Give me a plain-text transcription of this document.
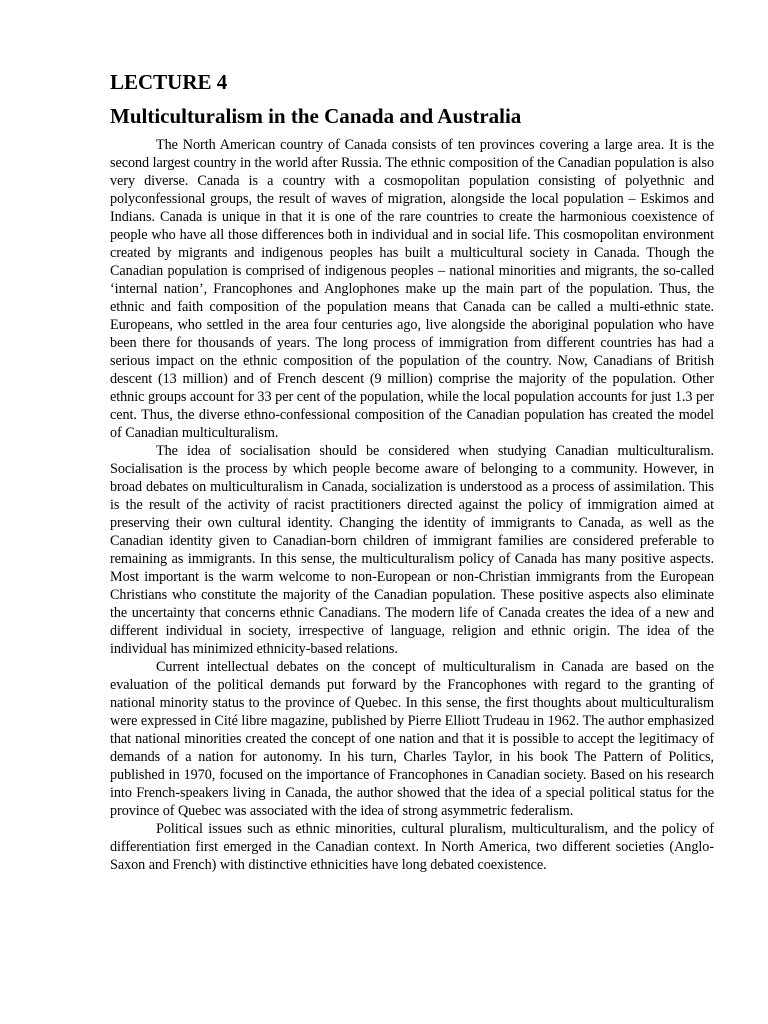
LECTURE 4
Multiculturalism in the Canada and Australia

The North American country of Canada consists of ten provinces covering a large area. It is the second largest country in the world after Russia. The ethnic composition of the Canadian population is also very diverse. Canada is a country with a cosmopolitan population consisting of polyethnic and polyconfessional groups, the result of waves of migration, alongside the local population – Eskimos and Indians. Canada is unique in that it is one of the rare countries to create the harmonious coexistence of people who have all those differences both in individual and in social life. This cosmopolitan environment created by migrants and indigenous peoples has built a multicultural society in Canada. Though the Canadian population is comprised of indigenous peoples – national minorities and migrants, the so-called ‘internal nation’, Francophones and Anglophones make up the main part of the population. Thus, the ethnic and faith composition of the population means that Canada can be called a multi-ethnic state. Europeans, who settled in the area four centuries ago, live alongside the aboriginal population who have been there for thousands of years. The long process of immigration from different countries has had a serious impact on the ethnic composition of the population of the country. Now, Canadians of British descent (13 million) and of French descent (9 million) comprise the majority of the population. Other ethnic groups account for 33 per cent of the population, while the local population accounts for just 1.3 per cent. Thus, the diverse ethno-confessional composition of the Canadian population has created the model of Canadian multiculturalism.

The idea of socialisation should be considered when studying Canadian multiculturalism. Socialisation is the process by which people become aware of belonging to a community. However, in broad debates on multiculturalism in Canada, socialization is understood as a process of assimilation. This is the result of the activity of racist practitioners directed against the policy of immigration aimed at preserving their own cultural identity. Changing the identity of immigrants to Canada, as well as the Canadian identity given to Canadian-born children of immigrant families are considered preferable to remaining as immigrants. In this sense, the multiculturalism policy of Canada has many positive aspects. Most important is the warm welcome to non-European or non-Christian immigrants from the European Christians who constitute the majority of the Canadian population. These positive aspects also eliminate the uncertainty that concerns ethnic Canadians. The modern life of Canada creates the idea of a new and different individual in society, irrespective of language, religion and ethnic origin. The idea of the individual has minimized ethnicity-based relations.

Current intellectual debates on the concept of multiculturalism in Canada are based on the evaluation of the political demands put forward by the Francophones with regard to the granting of national minority status to the province of Quebec. In this sense, the first thoughts about multiculturalism were expressed in Cité libre magazine, published by Pierre Elliott Trudeau in 1962. The author emphasized that national minorities created the concept of one nation and that it is possible to accept the legitimacy of demands of a nation for autonomy. In his turn, Charles Taylor, in his book The Pattern of Politics, published in 1970, focused on the importance of Francophones in Canadian society. Based on his research into French-speakers living in Canada, the author showed that the idea of a special political status for the province of Quebec was associated with the idea of strong asymmetric federalism.

Political issues such as ethnic minorities, cultural pluralism, multiculturalism, and the policy of differentiation first emerged in the Canadian context. In North America, two different societies (Anglo-Saxon and French) with distinctive ethnicities have long debated coexistence.
